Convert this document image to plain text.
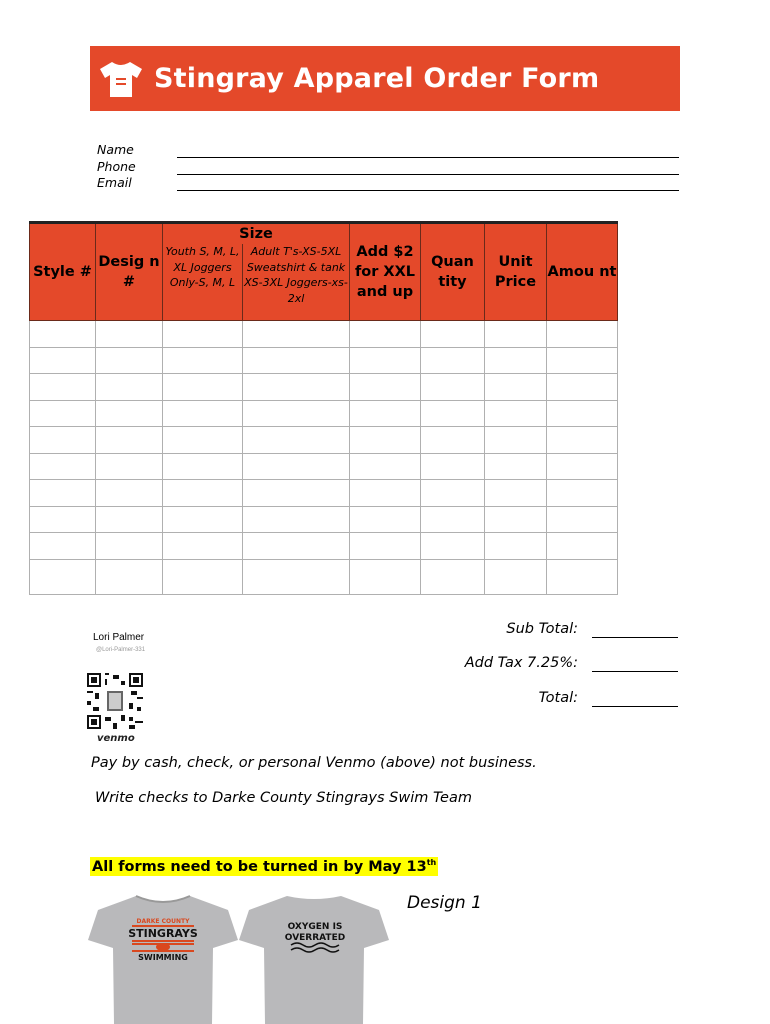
Stingray Apparel Order Form
Name
Phone
Email
Style #	Desig n #	Size		Add $2 for XXL and up	Quan tity	Unit Price	Amou nt
		Youth S, M, L, XL Joggers Only-S, M, L	Adult T's-XS-5XL Sweatshirt & tank XS-3XL Joggers-xs-2xl				

Sub Total:
Add Tax 7.25%:
Total:
Lori Palmer
@Lori-Palmer-331
venmo
Pay by cash, check, or personal Venmo (above) not business.
Write checks to Darke County Stingrays Swim Team
All forms need to be turned in by May 13th
Design 1
DARKE COUNTY
STINGRAYS
SWIMMING
OXYGEN IS
OVERRATED
